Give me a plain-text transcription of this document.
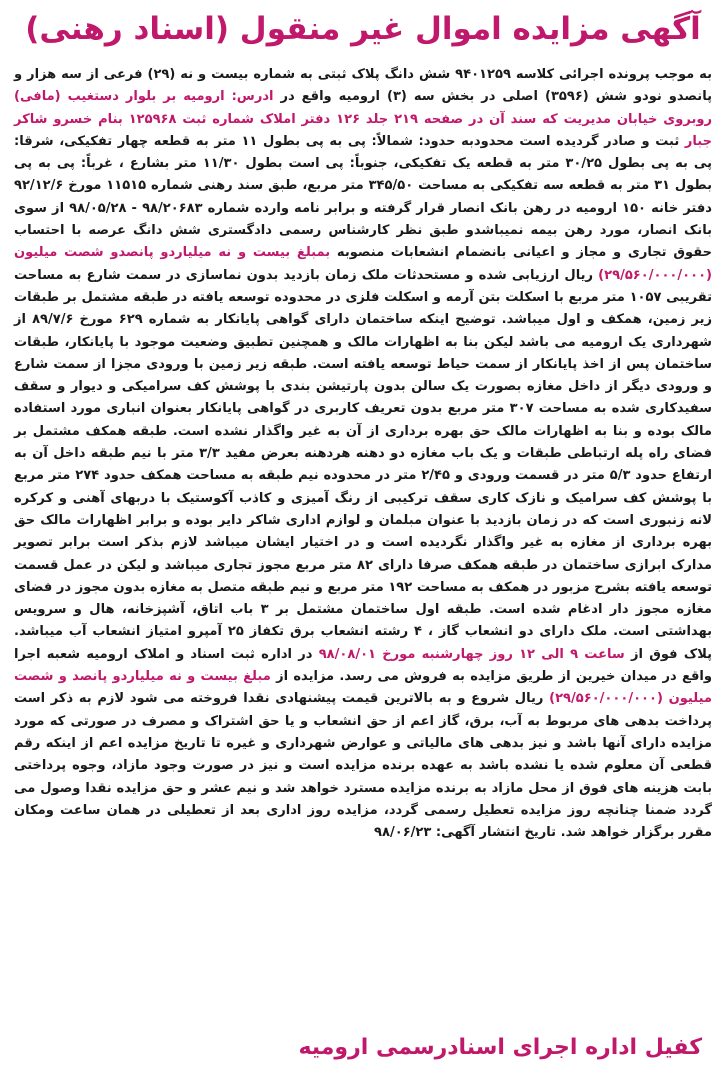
آگهی مزایده اموال غیر منقول (اسناد رهنی)
به موجب پرونده اجرائی کلاسه ۹۴۰۱۲۵۹ شش دانگ پلاک ثبتی به شماره بیست و نه (۲۹) فرعی از سه هزار و پانصدو نودو شش (۳۵۹۶) اصلی در بخش سه (۳) ارومیه واقع در ادرس: ارومیه بر بلوار دستغیب (مافی) روبروی خیابان مدیریت که سند آن در صفحه ۲۱۹ جلد ۱۲۶ دفتر املاک شماره ثبت ۱۲۵۹۶۸ بنام خسرو شاکر جبار ثبت و صادر گردیده است محدودبه حدود: شمالاً: پی به پی بطول ۱۱ متر به قطعه چهار تفکیکی، شرقا: پی به پی بطول ۳۰/۲۵ متر به قطعه یک تفکیکی، جنوباً: پی است بطول ۱۱/۳۰ متر بشارع ، غرباً: پی به پی بطول ۳۱ متر به قطعه سه تفکیکی به مساحت ۳۴۵/۵۰ متر مربع، طبق سند رهنی شماره ۱۱۵۱۵ مورخ ۹۲/۱۲/۶ دفتر خانه ۱۵۰ ارومیه در رهن بانک انصار قرار گرفته و برابر نامه وارده شماره ۹۸/۲۰۶۸۳ - ۹۸/۰۵/۲۸ از سوی بانک انصار، مورد رهن بیمه نمیباشدو طبق نظر کارشناس رسمی دادگستری شش دانگ عرصه با احتساب حقوق تجاری و مجاز و اعیانی بانضمام انشعابات منصوبه بمبلغ بیست و نه میلیاردو پانصدو شصت میلیون (۲۹/۵۶۰/۰۰۰/۰۰۰) ریال ارزیابی شده و مستحدثات ملک زمان بازدید بدون نماسازی در سمت شارع به مساحت تقریبی ۱۰۵۷ متر مربع با اسکلت بتن آرمه و اسکلت فلزی در محدوده توسعه یافته در طبقه مشتمل بر طبقات زیر زمین، همکف و اول میباشد. توضیح اینکه ساختمان دارای گواهی پایانکار به شماره ۶۲۹ مورخ ۸۹/۷/۶ از شهرداری یک ارومیه می باشد لیکن بنا به اظهارات مالک و همچنین تطبیق وضعیت موجود با پایانکار، طبقات ساختمان پس از اخذ پایانکار از سمت حیاط توسعه یافته است. طبقه زیر زمین با ورودی مجزا از سمت شارع و ورودی دیگر از داخل مغازه بصورت یک سالن بدون پارتیشن بندی با پوشش کف سرامیکی و دیوار و سقف سفیدکاری شده به مساحت ۳۰۷ متر مربع بدون تعریف کاربری در گواهی پایانکار بعنوان انباری مورد استفاده مالک بوده و بنا به اظهارات مالک حق بهره برداری از آن به غیر واگذار نشده است. طبقه همکف مشتمل بر فضای راه پله ارتباطی طبقات و یک باب مغازه دو دهنه هردهنه بعرض مفید ۳/۳ متر با نیم طبقه داخل آن به ارتفاع حدود ۵/۳ متر در قسمت ورودی و ۲/۴۵ متر در محدوده نیم طبقه به مساحت همکف حدود ۲۷۴ متر مربع با پوشش کف سرامیک و نازک کاری سقف ترکیبی از رنگ آمیزی و کاذب آکوستیک با دربهای آهنی و کرکره لانه زنبوری است که در زمان بازدید با عنوان مبلمان و لوازم اداری شاکر دایر بوده و برابر اظهارات مالک حق بهره برداری از مغازه به غیر واگذار نگردیده است و در اختیار ایشان میباشد لازم بذکر است برابر تصویر مدارک ابرازی ساختمان در طبقه همکف صرفا دارای ۸۲ متر مربع مجوز تجاری میباشد و لیکن در عمل قسمت توسعه یافته بشرح مزبور در همکف به مساحت ۱۹۲ متر مربع و نیم طبقه متصل به مغازه بدون مجوز در فضای مغازه مجوز دار ادغام شده است. طبقه اول ساختمان مشتمل بر ۳ باب اتاق، آشپزخانه، هال و سرویس بهداشتی است. ملک دارای دو انشعاب گاز ، ۴ رشته انشعاب برق تکفاز ۲۵ آمپرو امتیاز انشعاب آب میباشد. پلاک فوق از ساعت ۹ الی ۱۲ روز چهارشنبه مورخ ۹۸/۰۸/۰۱ در اداره ثبت اسناد و املاک ارومیه شعبه اجرا واقع در میدان خیرین از طریق مزایده به فروش می رسد. مزایده از مبلغ بیست و نه میلیاردو پانصد و شصت میلیون (۲۹/۵۶۰/۰۰۰/۰۰۰) ریال شروع و به بالاترین قیمت پیشنهادی نقدا فروخته می شود لازم به ذکر است پرداخت بدهی های مربوط به آب، برق، گاز اعم از حق انشعاب و یا حق اشتراک و مصرف در صورتی که مورد مزایده دارای آنها باشد و نیز بدهی های مالیاتی و عوارض شهرداری و غیره تا تاریخ مزایده اعم از اینکه رقم قطعی آن معلوم شده یا نشده باشد به عهده برنده مزایده است و نیز در صورت وجود مازاد، وجوه پرداختی بابت هزینه های فوق از محل مازاد به برنده مزایده مسترد خواهد شد و نیم عشر و حق مزایده نقدا وصول می گردد ضمنا چنانچه روز مزایده تعطیل رسمی گردد، مزایده روز اداری بعد از تعطیلی در همان ساعت ومکان مقرر برگزار خواهد شد. تاریخ انتشار آگهی: ۹۸/۰۶/۲۳
کفیل اداره اجرای اسنادرسمی ارومیه
